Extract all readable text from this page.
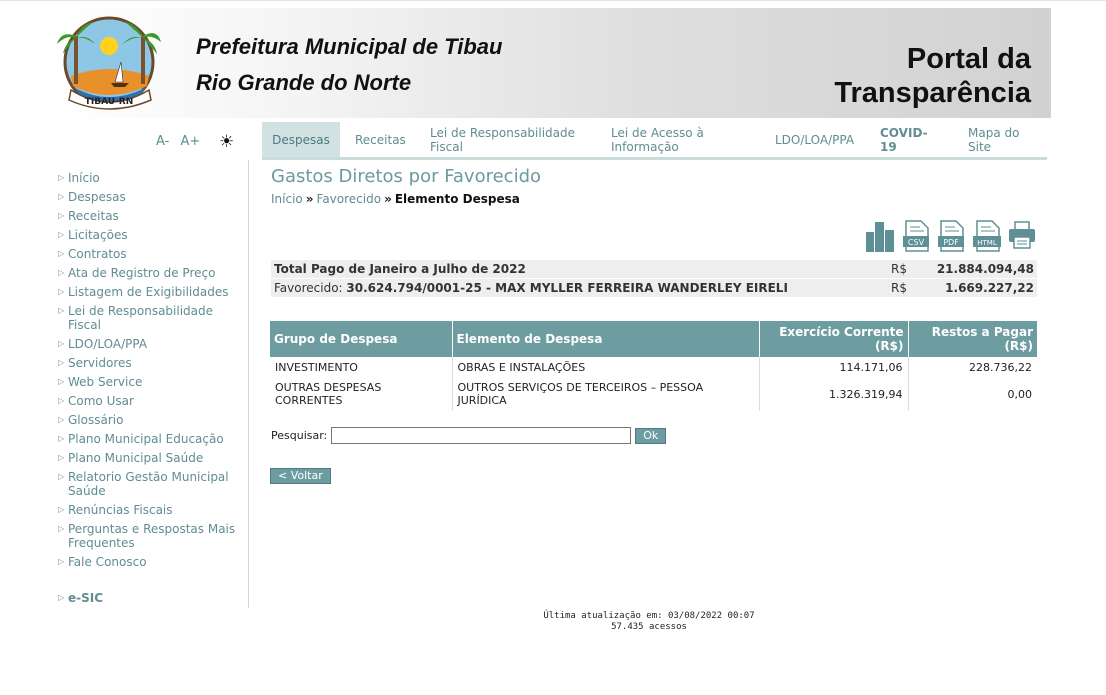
TIBAU-RN
Prefeitura Municipal de Tibau
Rio Grande do Norte
Portal da
Transparência
A- A+	☀
▷ Início
▷ Despesas
▷ Receitas
▷ Licitações
▷ Contratos
▷ Ata de Registro de Preço
▷ Listagem de Exigibilidades
▷ Lei de Responsabilidade Fiscal
▷ LDO/LOA/PPA
▷ Servidores
▷ Web Service
▷ Como Usar
▷ Glossário
▷ Plano Municipal Educação
▷ Plano Municipal Saúde
▷ Relatorio Gestão Municipal Saúde
▷ Renúncias Fiscais
▷ Perguntas e Respostas Mais Frequentes
▷ Fale Conosco
▷ e-SIC
Despesas	Receitas	Lei de Responsabilidade Fiscal
Lei de Acesso à Informação	LDO/LOA/PPA	COVID-19
Mapa do Site
Gastos Diretos por Favorecido
Início » Favorecido » Elemento Despesa
CSV PDF	HTML
Total Pago de Janeiro a Julho de 2022	R$ 21.884.094,48
Favorecido: 30.624.794/0001-25 - MAX MYLLER FERREIRA WANDERLEY EIRELI	R$	1.669.227,22
Grupo de Despesa	Elemento de Despesa	Exercício Corrente (R$)	Restos a Pagar (R$)
INVESTIMENTO	OBRAS E INSTALAÇÕES	114.171,06	228.736,22
OUTRAS DESPESAS CORRENTES	OUTROS SERVIÇOS DE TERCEIROS – PESSOA JURÍDICA	1.326.319,94	0,00
Pesquisar:	Ok
< Voltar
Última atualização em: 03/08/2022 00:07
57.435 acessos
